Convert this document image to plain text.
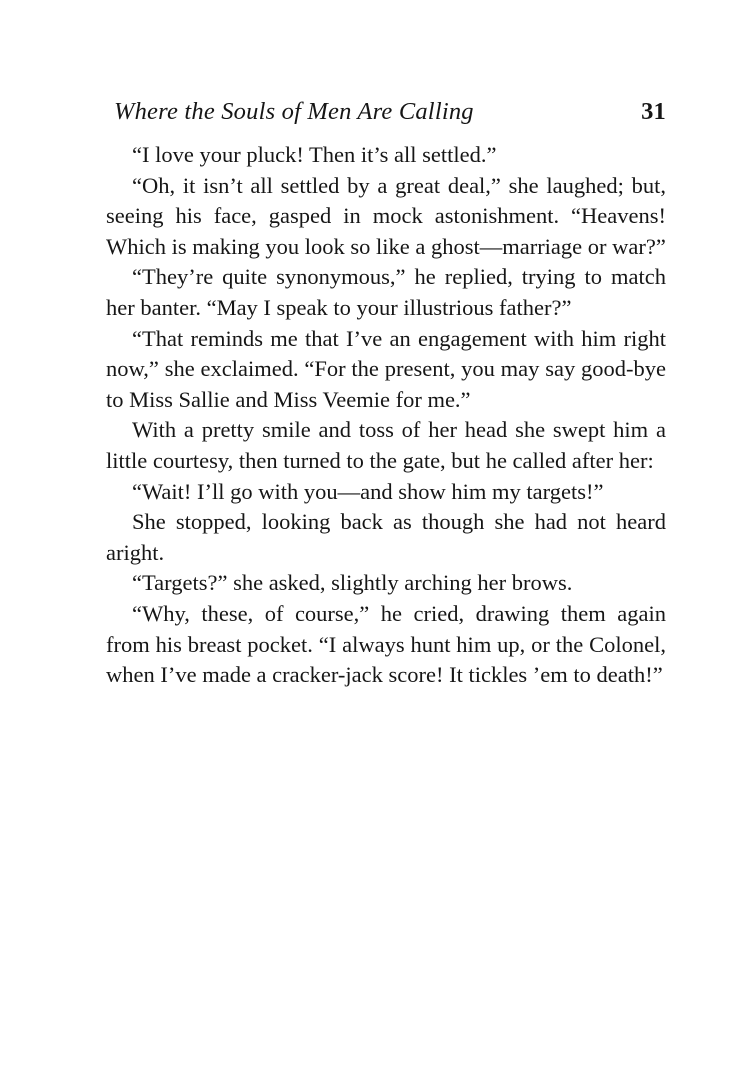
Where the Souls of Men Are Calling	31

“I love your pluck! Then it’s all settled.”

“Oh, it isn’t all settled by a great deal,” she laughed; but, seeing his face, gasped in mock astonishment. “Heavens! Which is making you look so like a ghost—marriage or war?”

“They’re quite synonymous,” he replied, trying to match her banter. “May I speak to your illustrious father?”

“That reminds me that I’ve an engagement with him right now,” she exclaimed. “For the present, you may say good-bye to Miss Sallie and Miss Veemie for me.”

With a pretty smile and toss of her head she swept him a little courtesy, then turned to the gate, but he called after her:

“Wait! I’ll go with you—and show him my targets!”

She stopped, looking back as though she had not heard aright.

“Targets?” she asked, slightly arching her brows.

“Why, these, of course,” he cried, drawing them again from his breast pocket. “I always hunt him up, or the Colonel, when I’ve made a cracker-jack score! It tickles ’em to death!”
